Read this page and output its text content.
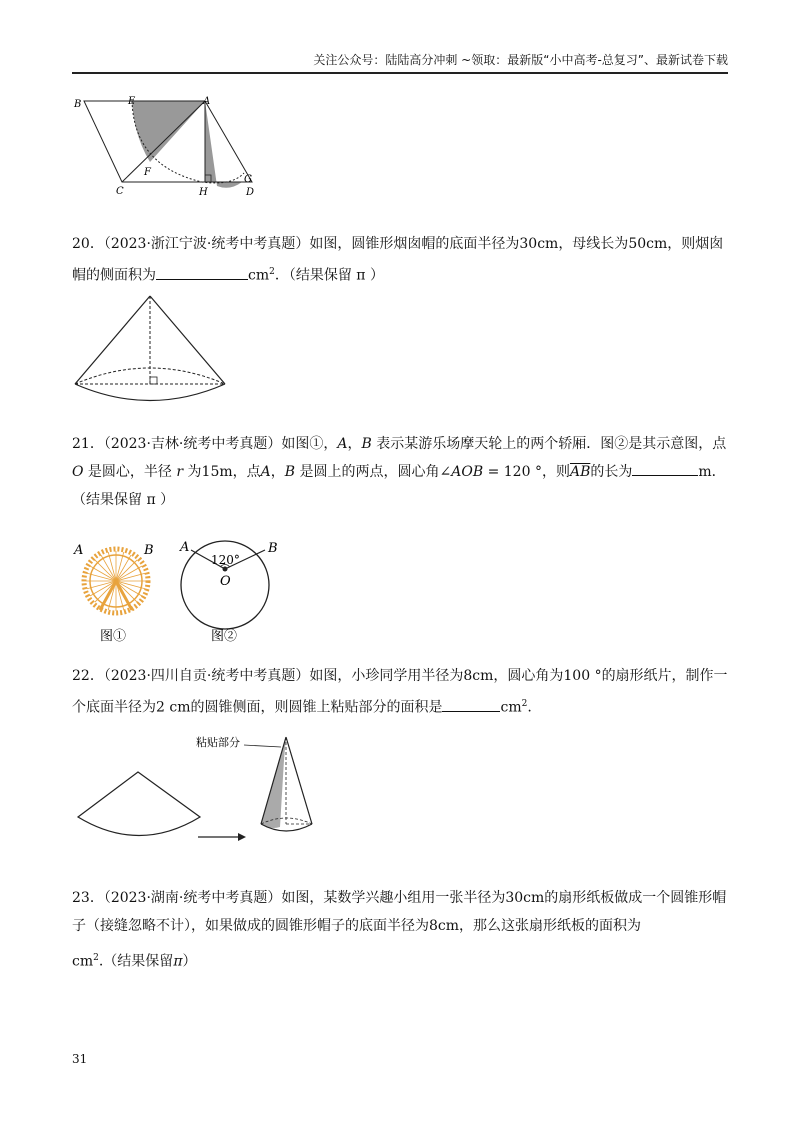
关注公众号：陆陆高分冲刺 ~领取：最新版“小中高考-总复习”、最新试卷下载
B	E	A
F
C	H
G
D
20．（2023·浙江宁波·统考中考真题）如图，圆锥形烟囱帽的底面半径为30cm，母线长为50cm，则烟囱
帽的侧面积为	$cm^2$．（结果保留 π ）
21．（2023·吉林·统考中考真题）如图①，A，B 表示某游乐场摩天轮上的两个轿厢．图②是其示意图，点
O 是圆心，半径 r 为15m，点A，B 是圆上的两点，圆心角∠AOB = 120 °，则$\overline{AB}$的长为	m．
（结果保留 π ）
A	B
图①
A	B
120°
O
图②
22．（2023·四川自贡·统考中考真题）如图，小珍同学用半径为8cm，圆心角为100 °的扇形纸片，制作一
个底面半径为2 cm的圆锥侧面，则圆锥上粘贴部分的面积是	$cm^2$.
粘贴部分
23．（2023·湖南·统考中考真题）如图，某数学兴趣小组用一张半径为30cm的扇形纸板做成一个圆锥形帽
子（接缝忽略不计），如果做成的圆锥形帽子的底面半径为8cm，那么这张扇形纸板的面积为
$cm^2$.（结果保留π）
31
